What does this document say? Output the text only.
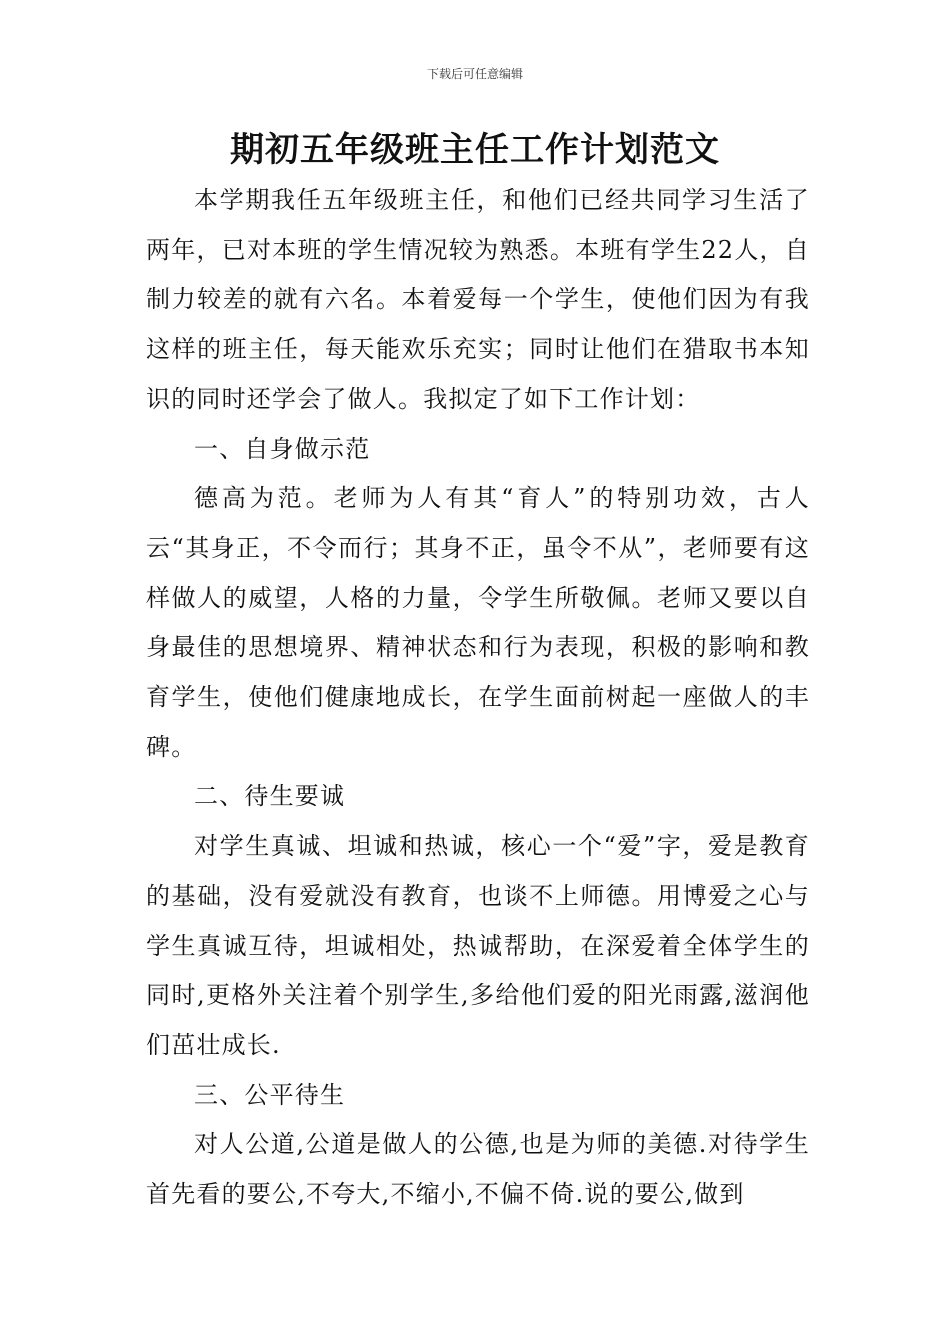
下载后可任意编辑
期初五年级班主任工作计划范文

本学期我任五年级班主任，和他们已经共同学习生活了两年，已对本班的学生情况较为熟悉。本班有学生22人，自制力较差的就有六名。本着爱每一个学生，使他们因为有我这样的班主任，每天能欢乐充实；同时让他们在猎取书本知识的同时还学会了做人。我拟定了如下工作计划：

一、自身做示范

德高为范。老师为人有其“育人”的特别功效，古人云“其身正，不令而行；其身不正，虽令不从”，老师要有这样做人的威望，人格的力量，令学生所敬佩。老师又要以自身最佳的思想境界、精神状态和行为表现，积极的影响和教育学生，使他们健康地成长，在学生面前树起一座做人的丰碑。

二、待生要诚

对学生真诚、坦诚和热诚，核心一个“爱”字，爱是教育的基础，没有爱就没有教育，也谈不上师德。用博爱之心与学生真诚互待，坦诚相处，热诚帮助，在深爱着全体学生的同时,更格外关注着个别学生,多给他们爱的阳光雨露,滋润他们茁壮成长.

三、公平待生

对人公道,公道是做人的公德,也是为师的美德.对待学生首先看的要公,不夸大,不缩小,不偏不倚.说的要公,做到
